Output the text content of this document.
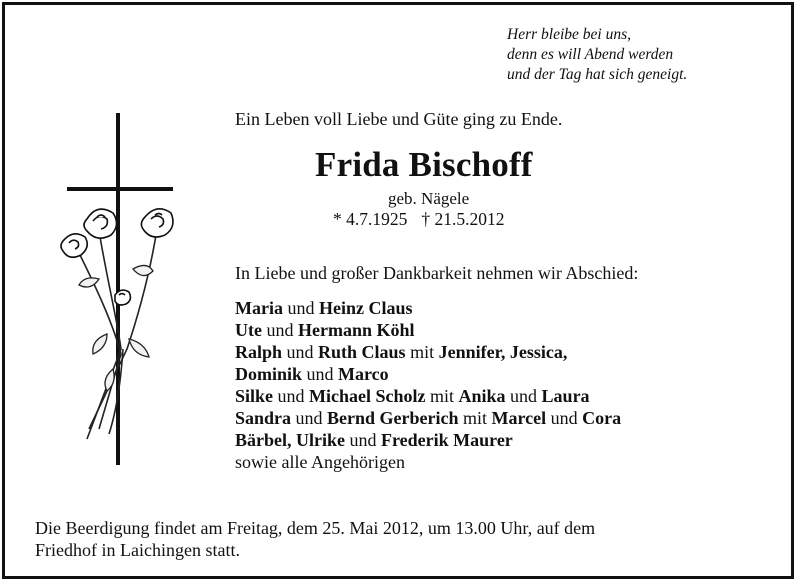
Herr bleibe bei uns,
denn es will Abend werden
und der Tag hat sich geneigt.
Ein Leben voll Liebe und Güte ging zu Ende.
Frida Bischoff
geb. Nägele
* 4.7.1925 † 21.5.2012
In Liebe und großer Dankbarkeit nehmen wir Abschied:
Maria und Heinz Claus
Ute und Hermann Köhl
Ralph und Ruth Claus mit Jennifer, Jessica,
Dominik und Marco
Silke und Michael Scholz mit Anika und Laura
Sandra und Bernd Gerberich mit Marcel und Cora
Bärbel, Ulrike und Frederik Maurer
sowie alle Angehörigen
Die Beerdigung findet am Freitag, dem 25. Mai 2012, um 13.00 Uhr, auf dem
Friedhof in Laichingen statt.
